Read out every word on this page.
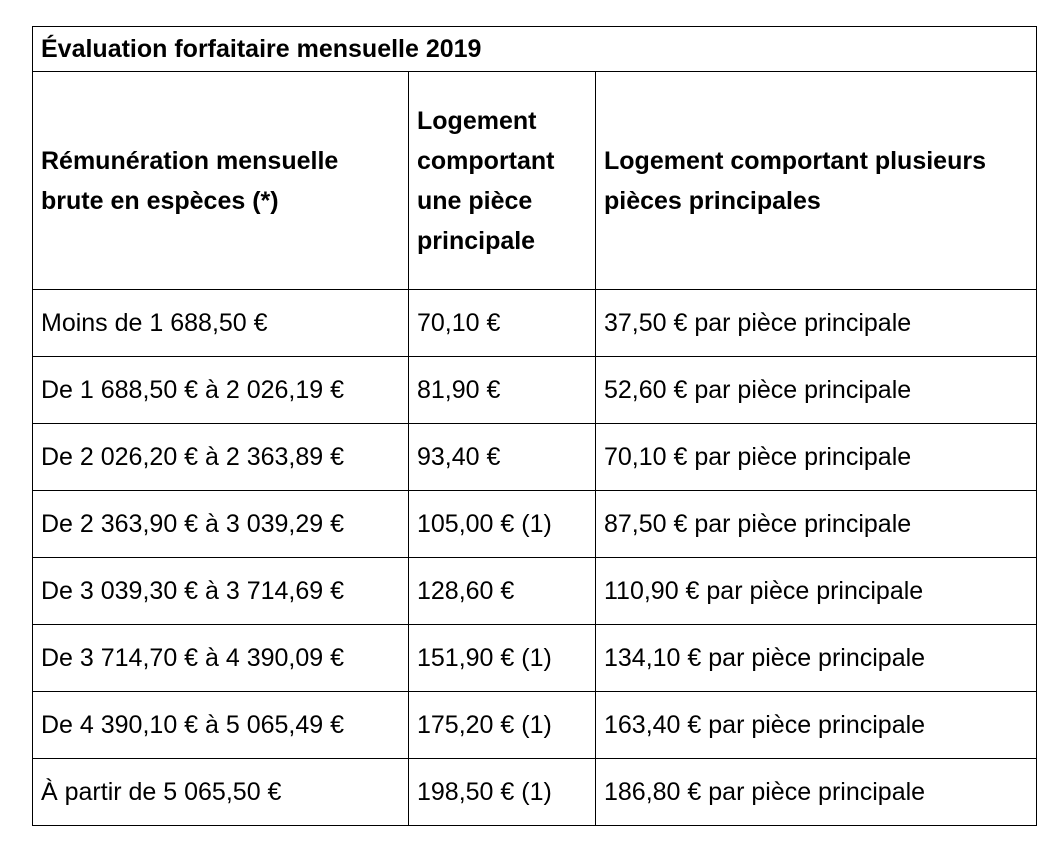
Évaluation forfaitaire mensuelle 2019		
Rémunération mensuelle brute en espèces (*)	Logement comportant une pièce principale	Logement comportant plusieurs pièces principales
Moins de 1 688,50 €	70,10 €	37,50 € par pièce principale
De 1 688,50 € à 2 026,19 €	81,90 €	52,60 € par pièce principale
De 2 026,20 € à 2 363,89 €	93,40 €	70,10 € par pièce principale
De 2 363,90 € à 3 039,29 €	105,00 € (1)	87,50 € par pièce principale
De 3 039,30 € à 3 714,69 €	128,60 €	110,90 € par pièce principale
De 3 714,70 € à 4 390,09 €	151,90 € (1)	134,10 € par pièce principale
De 4 390,10 € à 5 065,49 €	175,20 € (1)	163,40 € par pièce principale
À partir de 5 065,50 €	198,50 € (1)	186,80 € par pièce principale
